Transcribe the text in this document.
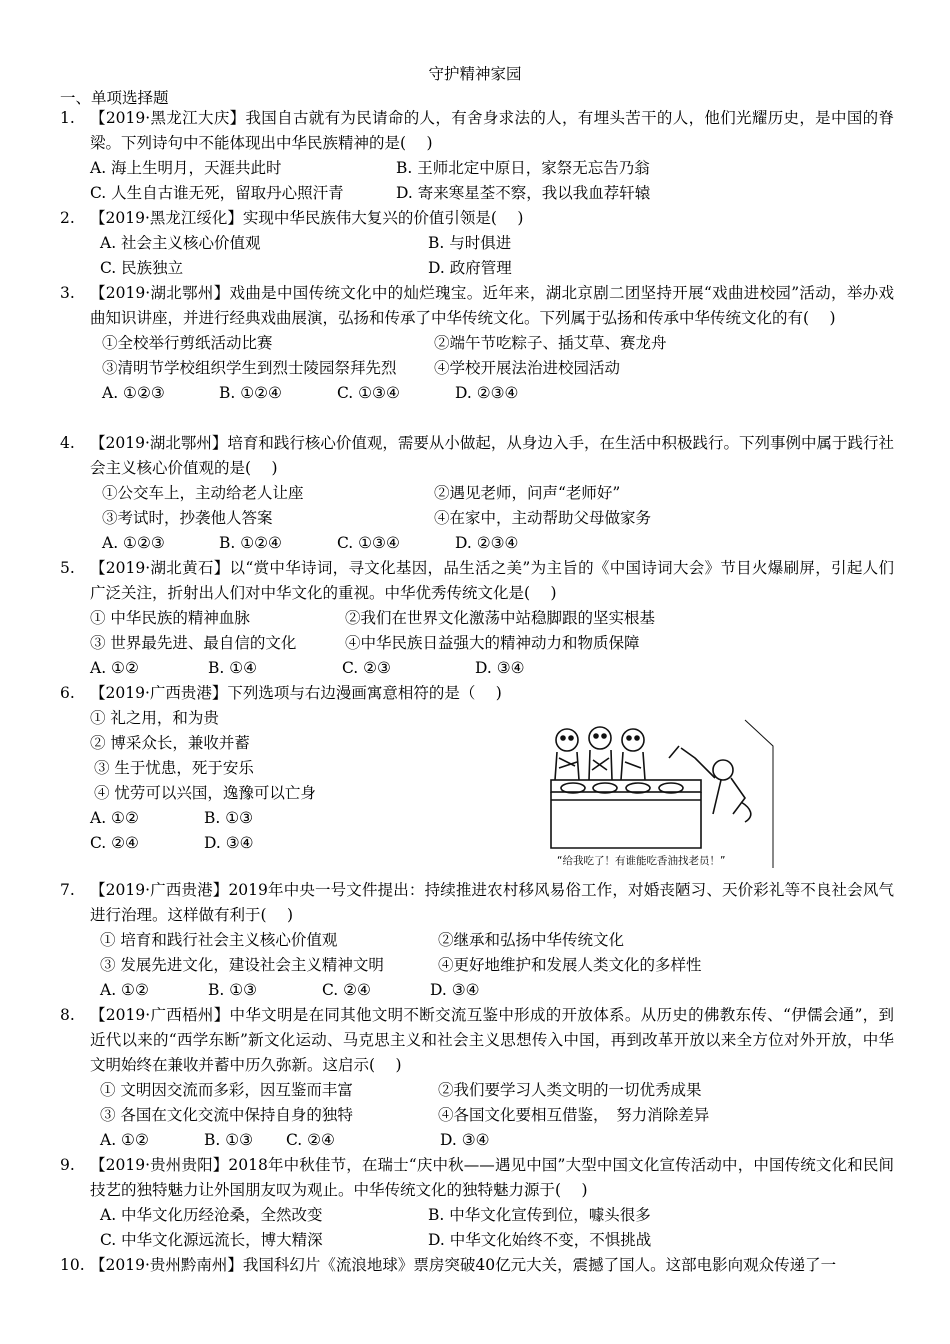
守护精神家园
一、单项选择题
1. 【2019·黑龙江大庆】我国自古就有为民请命的人，有舍身求法的人，有埋头苦干的人，他们光耀历史，是中国的脊梁。下列诗句中不能体现出中华民族精神的是(　 )
A. 海上生明月，天涯共此时	B. 王师北定中原日，家祭无忘告乃翁
C. 人生自古谁无死，留取丹心照汗青	D. 寄来寒星荃不察，我以我血荐轩辕
2. 【2019·黑龙江绥化】实现中华民族伟大复兴的价值引领是(　 )
A. 社会主义核心价值观	B. 与时俱进
C. 民族独立	D. 政府管理
3. 【2019·湖北鄂州】戏曲是中国传统文化中的灿烂瑰宝。近年来，湖北京剧二团坚持开展“戏曲进校园”活动，举办戏曲知识讲座，并进行经典戏曲展演，弘扬和传承了中华传统文化。下列属于弘扬和传承中华传统文化的有(　 )
①全校举行剪纸活动比赛	②端午节吃粽子、插艾草、赛龙舟
③清明节学校组织学生到烈士陵园祭拜先烈 ④学校开展法治进校园活动
A. ①②③	B. ①②④	C. ①③④	D. ②③④
4. 【2019·湖北鄂州】培育和践行核心价值观，需要从小做起，从身边入手，在生活中积极践行。下列事例中属于践行社会主义核心价值观的是(　 )
①公交车上，主动给老人让座	②遇见老师，问声“老师好”
③考试时，抄袭他人答案	④在家中，主动帮助父母做家务
A. ①②③	B. ①②④	C. ①③④	D. ②③④
5. 【2019·湖北黄石】以“赏中华诗词，寻文化基因，品生活之美”为主旨的《中国诗词大会》节目火爆刷屏，引起人们广泛关注，折射出人们对中华文化的重视。中华优秀传统文化是(　 )
① 中华民族的精神血脉	②我们在世界文化激荡中站稳脚跟的坚实根基
③ 世界最先进、最自信的文化	④中华民族日益强大的精神动力和物质保障
A. ①②	B. ①④	C. ②③	D. ③④
6. 【2019·广西贵港】下列选项与右边漫画寓意相符的是（　 )
① 礼之用，和为贵
② 博采众长，兼收并蓄
③ 生于忧患，死于安乐
④ 忧劳可以兴国，逸豫可以亡身
A. ①②	B. ①③
C. ②④	D. ③④
“给我吃了！有谁能吃香油找老员！”
7. 【2019·广西贵港】2019年中央一号文件提出：持续推进农村移风易俗工作，对婚丧陋习、天价彩礼等不良社会风气进行治理。这样做有利于(　 )
① 培育和践行社会主义核心价值观	②继承和弘扬中华传统文化
③ 发展先进文化，建设社会主义精神文明	④更好地维护和发展人类文化的多样性
A. ①②	B. ①③	C. ②④	D. ③④
8. 【2019·广西梧州】中华文明是在同其他文明不断交流互鉴中形成的开放体系。从历史的佛教东传、“伊儒会通”，到近代以来的“西学东断”新文化运动、马克思主义和社会主义思想传入中国，再到改革开放以来全方位对外开放，中华文明始终在兼收并蓄中历久弥新。这启示(　 )
① 文明因交流而多彩，因互鉴而丰富	②我们要学习人类文明的一切优秀成果
③ 各国在文化交流中保持自身的独特	④各国文化要相互借鉴，　努力消除差异
A. ①②	B. ①③ C. ②④	D. ③④
9. 【2019·贵州贵阳】2018年中秋佳节，在瑞士“庆中秋——遇见中国”大型中国文化宣传活动中，中国传统文化和民间技艺的独特魅力让外国朋友叹为观止。中华传统文化的独特魅力源于(　 )
A. 中华文化历经沧桑，全然改变	B. 中华文化宣传到位，噱头很多
C. 中华文化源远流长，博大精深	D. 中华文化始终不变，不惧挑战
10. 【2019·贵州黔南州】我国科幻片《流浪地球》票房突破40亿元大关，震撼了国人。这部电影向观众传递了一
